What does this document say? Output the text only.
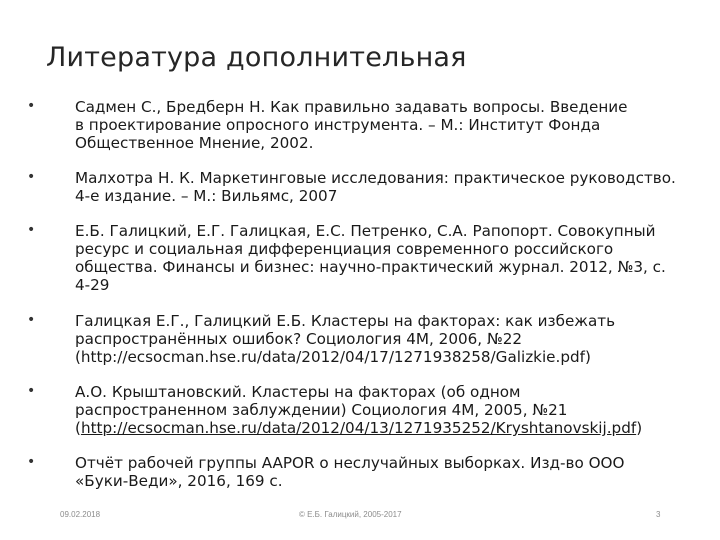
Литература дополнительная
•	Садмен С., Бредберн Н. Как правильно задавать вопросы. Введение
в проектирование опросного инструмента. – М.: Институт Фонда
Общественное Мнение, 2002.
•	Малхотра Н. К. Маркетинговые исследования: практическое руководство.
4-е издание. – М.: Вильямс, 2007
•	Е.Б. Галицкий, Е.Г. Галицкая, Е.С. Петренко, С.А. Рапопорт. Совокупный
ресурс и социальная дифференциация современного российского
общества. Финансы и бизнес: научно-практический журнал. 2012, №3, с.
4-29
•	Галицкая Е.Г., Галицкий Е.Б. Кластеры на факторах: как избежать
распространённых ошибок? Социология 4М, 2006, №22
(http://ecsocman.hse.ru/data/2012/04/17/1271938258/Galizkie.pdf)
•	А.О. Крыштановский. Кластеры на факторах (об одном
распространенном заблуждении) Социология 4М, 2005, №21
(http://ecsocman.hse.ru/data/2012/04/13/1271935252/Kryshtanovskij.pdf)
•	Отчёт рабочей группы AAPOR о неслучайных выборках. Изд-во ООО
«Буки-Веди», 2016, 169 с.
09.02.2018	© Е.Б. Галицкий, 2005-2017	3
